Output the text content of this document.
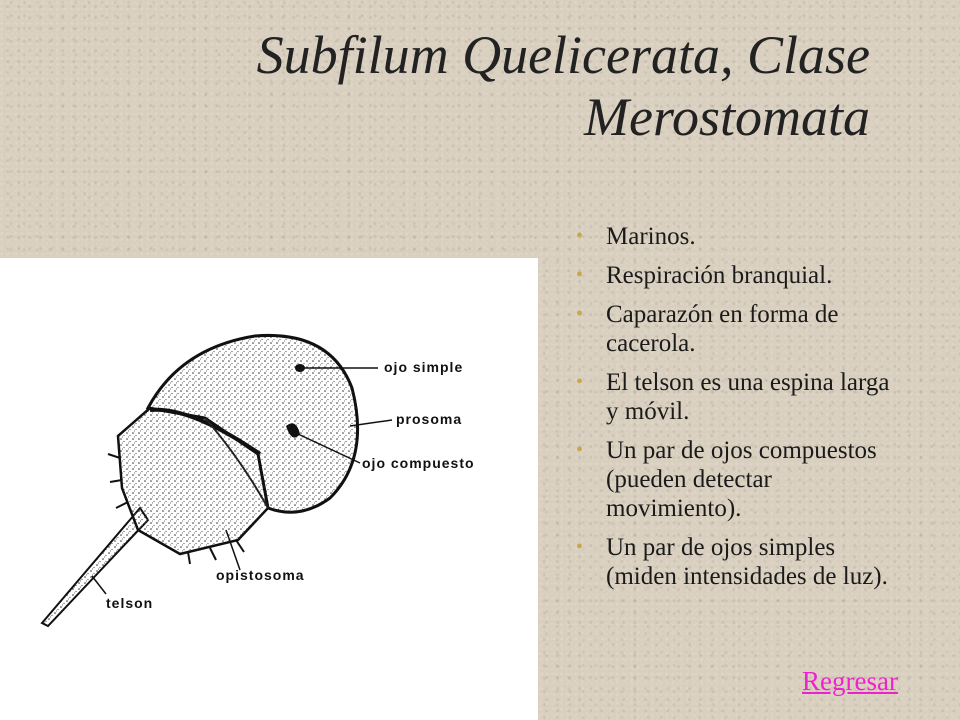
Subfilum Quelicerata, Clase Merostomata
ojo simple
prosoma
ojo compuesto
opistosoma
telson
• Marinos.
• Respiración branquial.
• Caparazón en forma de cacerola.
• El telson es una espina larga y móvil.
• Un par de ojos compuestos (pueden detectar movimiento).
• Un par de ojos simples (miden intensidades de luz).
Regresar
